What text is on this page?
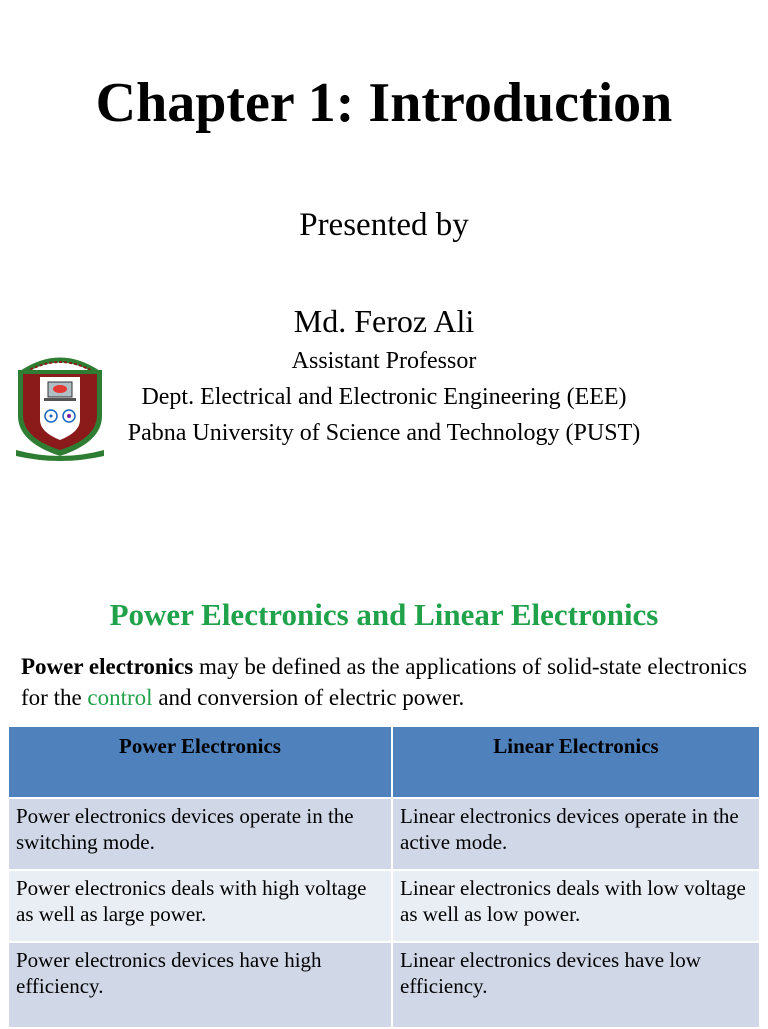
Chapter 1: Introduction
Presented by
Md. Feroz Ali
Assistant Professor
Dept. Electrical and Electronic Engineering (EEE)
Pabna University of Science and Technology (PUST)
Power Electronics and Linear Electronics
Power electronics may be defined as the applications of solid-state electronics for the control and conversion of electric power.
Power Electronics	Linear Electronics
Power electronics devices operate in the switching mode.	Linear electronics devices operate in the active mode.
Power electronics deals with high voltage as well as large power.	Linear electronics deals with low voltage as well as low power.
Power electronics devices have high efficiency.	Linear electronics devices have low efficiency.
